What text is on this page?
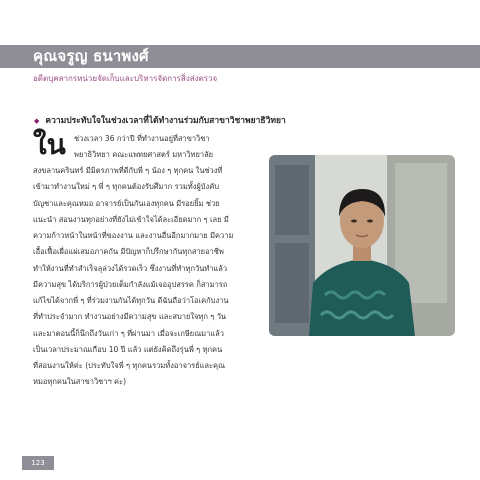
คุณจรูญ ธนาพงศ์
อดีตบุคลากรหน่วยจัดเก็บและบริหารจัดการสิ่งส่งตรวจ
◆ ความประทับใจในช่วงเวลาที่ได้ทำงานร่วมกับสาขาวิชาพยาธิวิทยา
ใน ช่วงเวลา 36 กว่าปี ที่ทำงานอยู่ที่สาขาวิชา
พยาธิวิทยา คณะแพทยศาสตร์ มหาวิทยาลัย
สงขลานครินทร์ มีมิตรภาพที่ดีกับพี่ ๆ น้อง ๆ ทุกคน ในช่วงที่
เข้ามาทำงานใหม่ ๆ พี่ ๆ ทุกคนต้องรับศึมาก รวมทั้งผู้บังคับ
บัญชาและคุณหมอ อาจารย์เป็นกันเองทุกคน มีรอยยิ้ม ช่วย
แนะนำ สอนงานทุกอย่างที่ยังไม่เข้าใจได้ละเอียดมาก ๆ เลย มี
ความก้าวหน้าในหน้าที่ของงาน และงานอื่นอีกมากมาย มีความ
เอื้อเฟื้อเผื่อแผ่เสมอภาคกัน มีปัญหาก็ปรึกษากันทุกสายอาชีพ
ทำให้งานที่ทำสำเร็จลุล่วงได้รวดเร็ว ซึ่งงานที่ทำทุกวันทำแล้ว
มีความสุข ได้บริการผู้ป่วยเต็มกำลังแม้เจออุปสรรค ก็สามารถ
แก้ไขได้จากพี่ ๆ ที่ร่วมงานกันได้ทุกวัน ดีฉันถือว่าโอเคกับงาน
ที่ทำประจำมาก ทำงานอย่างมีความสุข และสบายใจทุก ๆ วัน
และมาตอนนี้ก็นึกถึงวันเก่า ๆ ที่ผ่านมา เมื่อจะเกษียณมาแล้ว
เป็นเวลาประมาณเกือบ 10 ปี แล้ว แต่ยังคิดถึงรุ่นพี่ ๆ ทุกคน
ที่สอนงานให้ค่ะ (ประทับใจพี่ ๆ ทุกคนรวมทั้งอาจารย์และคุณ
หมอทุกคนในสาขาวิชาฯ ค่ะ)
123
